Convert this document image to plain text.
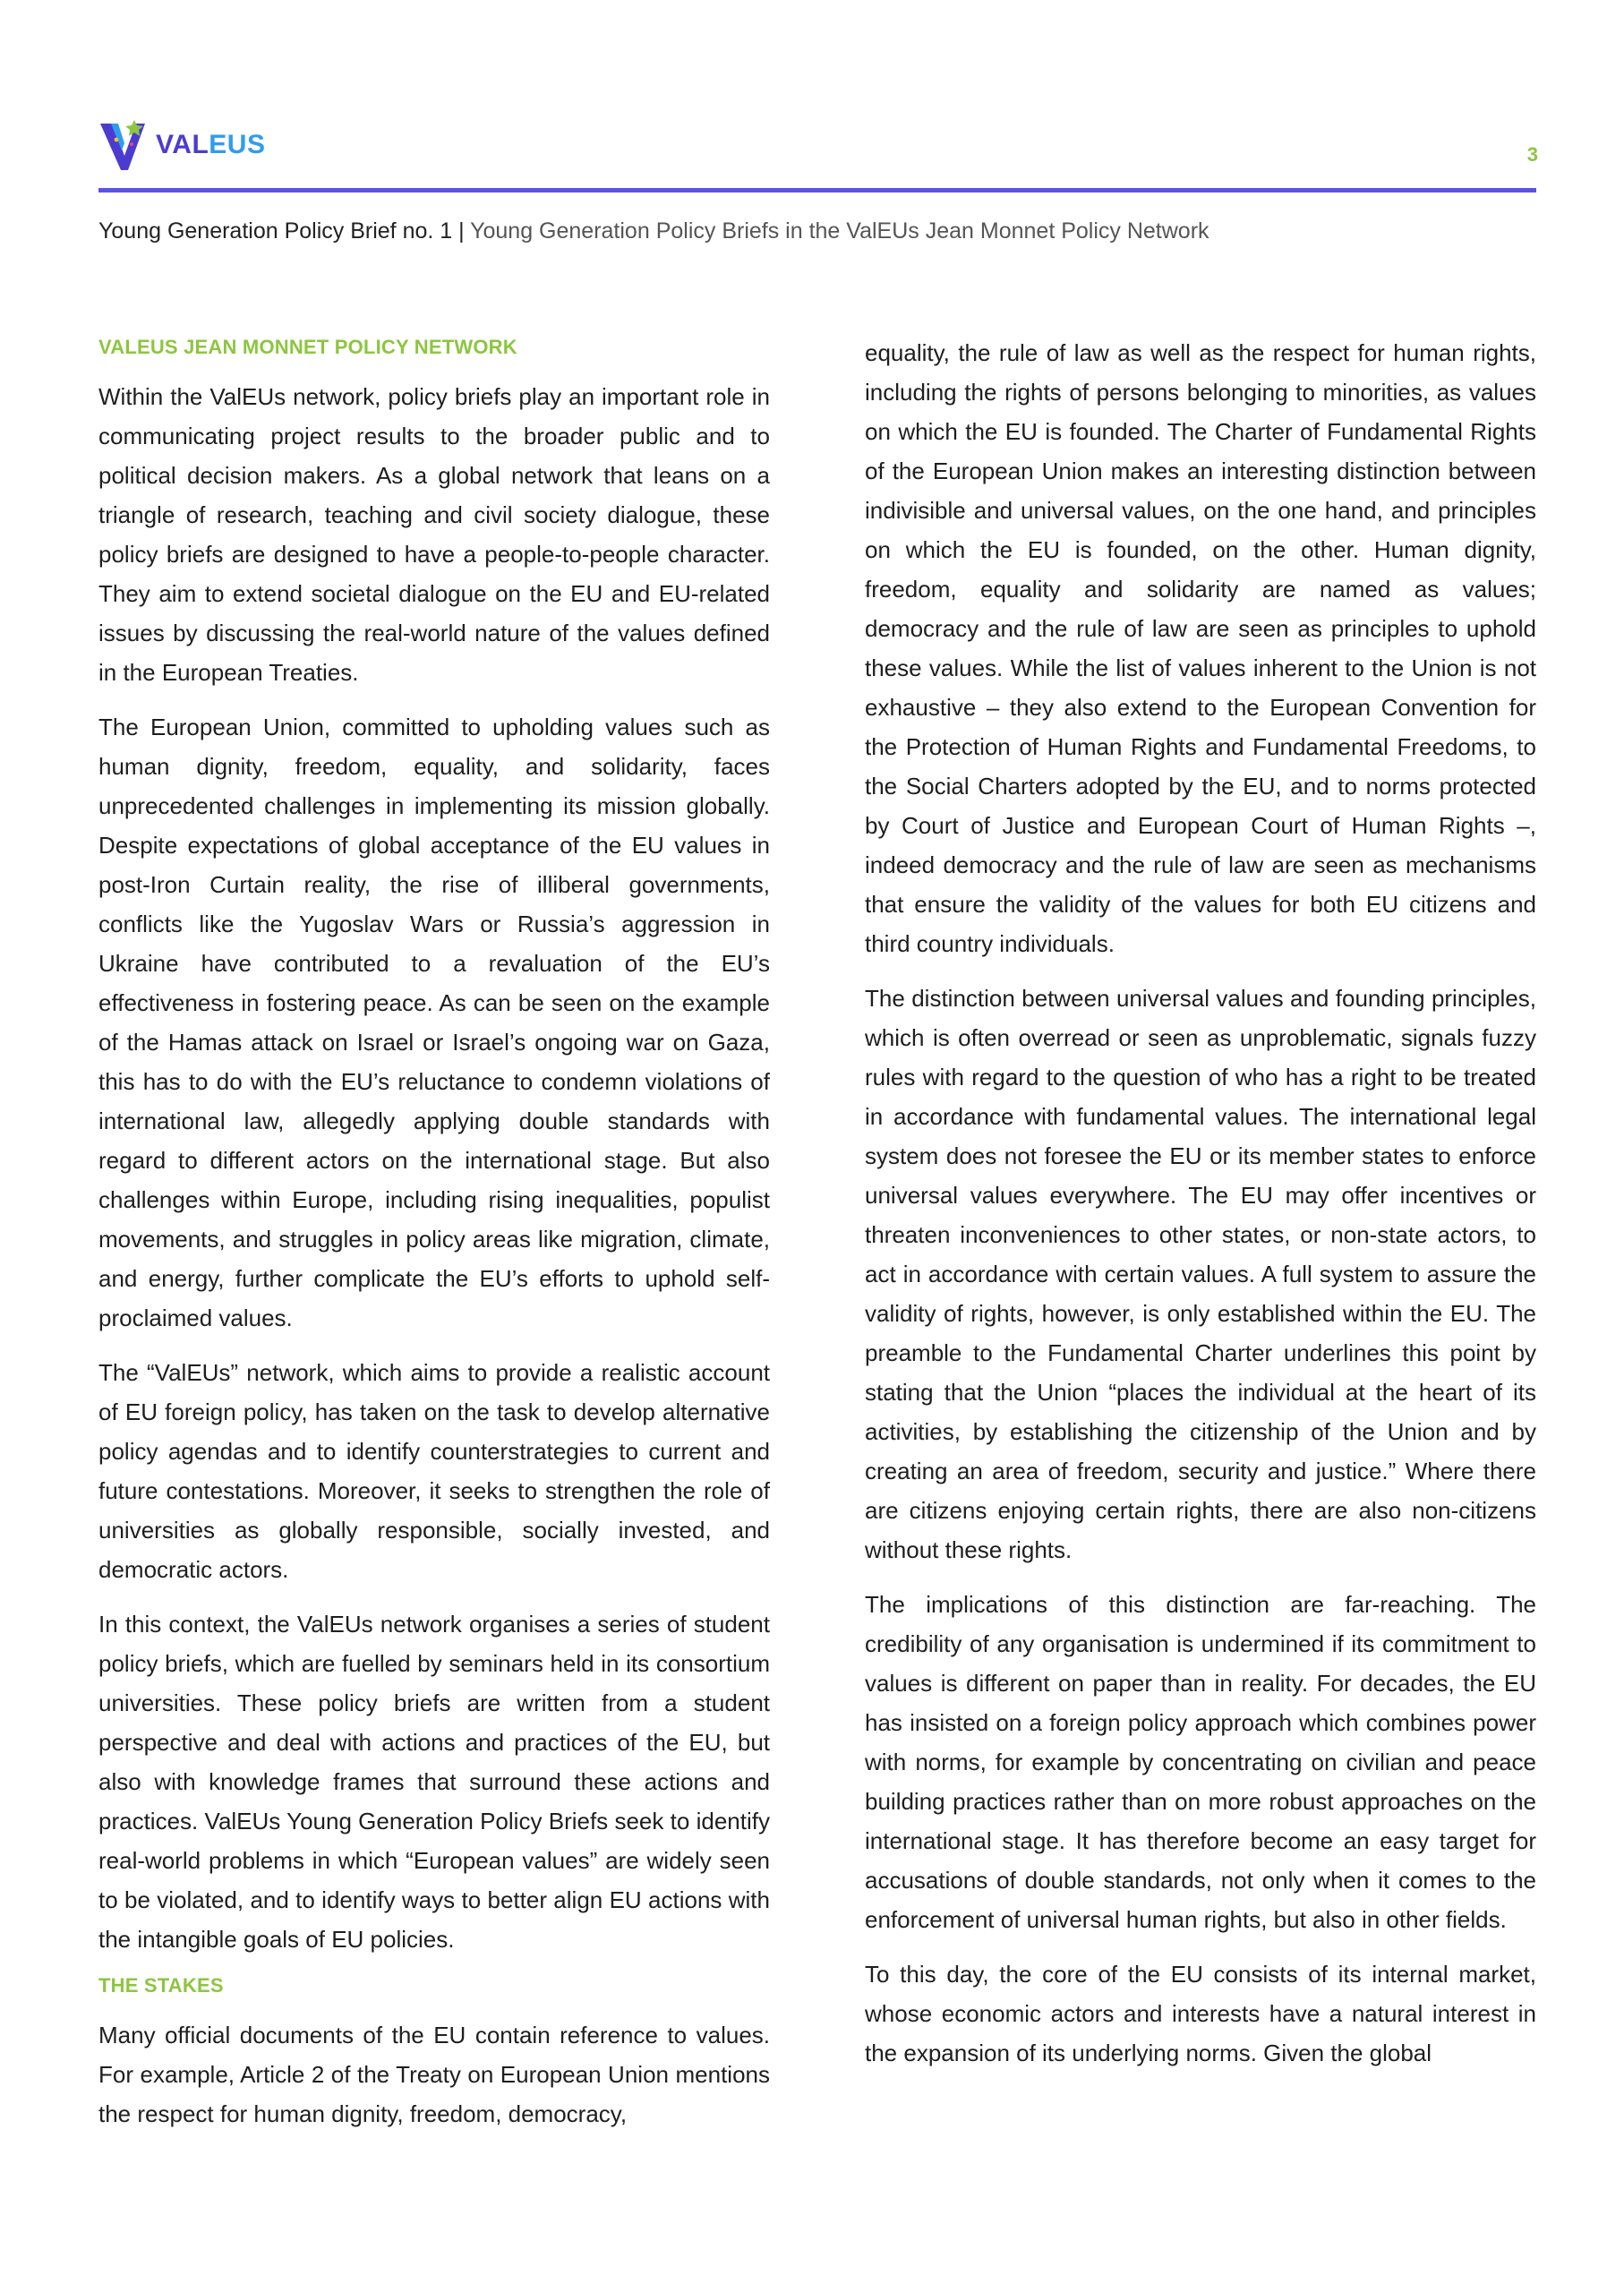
VALEUS	3
Young Generation Policy Brief no. 1 | Young Generation Policy Briefs in the ValEUs Jean Monnet Policy Network
VALEUS JEAN MONNET POLICY NETWORK

Within the ValEUs network, policy briefs play an important role in communicating project results to the broader public and to political decision makers. As a global network that leans on a triangle of research, teaching and civil society dialogue, these policy briefs are designed to have a people-to-people character. They aim to extend societal dialogue on the EU and EU-related issues by discussing the real-world nature of the values defined in the European Treaties.

The European Union, committed to upholding values such as human dignity, freedom, equality, and solidarity, faces unprecedented challenges in implementing its mission globally. Despite expectations of global acceptance of the EU values in post-Iron Curtain reality, the rise of illiberal governments, conflicts like the Yugoslav Wars or Russia’s aggression in Ukraine have contributed to a revaluation of the EU’s effectiveness in fostering peace. As can be seen on the example of the Hamas attack on Israel or Israel’s ongoing war on Gaza, this has to do with the EU’s reluctance to condemn violations of international law, allegedly applying double standards with regard to different actors on the international stage. But also challenges within Europe, including rising inequalities, populist movements, and struggles in policy areas like migration, climate, and energy, further complicate the EU’s efforts to uphold self-proclaimed values.

The “ValEUs” network, which aims to provide a realistic account of EU foreign policy, has taken on the task to develop alternative policy agendas and to identify counterstrategies to current and future contestations. Moreover, it seeks to strengthen the role of universities as globally responsible, socially invested, and democratic actors.

In this context, the ValEUs network organises a series of student policy briefs, which are fuelled by seminars held in its consortium universities. These policy briefs are written from a student perspective and deal with actions and practices of the EU, but also with knowledge frames that surround these actions and practices. ValEUs Young Generation Policy Briefs seek to identify real-world problems in which “European values” are widely seen to be violated, and to identify ways to better align EU actions with the intangible goals of EU policies.

THE STAKES

Many official documents of the EU contain reference to values. For example, Article 2 of the Treaty on European Union mentions the respect for human dignity, freedom, democracy,

equality, the rule of law as well as the respect for human rights, including the rights of persons belonging to minorities, as values on which the EU is founded. The Charter of Fundamental Rights of the European Union makes an interesting distinction between indivisible and universal values, on the one hand, and principles on which the EU is founded, on the other. Human dignity, freedom, equality and solidarity are named as values; democracy and the rule of law are seen as principles to uphold these values. While the list of values inherent to the Union is not exhaustive – they also extend to the European Convention for the Protection of Human Rights and Fundamental Freedoms, to the Social Charters adopted by the EU, and to norms protected by Court of Justice and European Court of Human Rights –, indeed democracy and the rule of law are seen as mechanisms that ensure the validity of the values for both EU citizens and third country individuals.

The distinction between universal values and founding principles, which is often overread or seen as unproblematic, signals fuzzy rules with regard to the question of who has a right to be treated in accordance with fundamental values. The international legal system does not foresee the EU or its member states to enforce universal values everywhere. The EU may offer incentives or threaten inconveniences to other states, or non-state actors, to act in accordance with certain values. A full system to assure the validity of rights, however, is only established within the EU. The preamble to the Fundamental Charter underlines this point by stating that the Union “places the individual at the heart of its activities, by establishing the citizenship of the Union and by creating an area of freedom, security and justice.” Where there are citizens enjoying certain rights, there are also non-citizens without these rights.

The implications of this distinction are far-reaching. The credibility of any organisation is undermined if its commitment to values is different on paper than in reality. For decades, the EU has insisted on a foreign policy approach which combines power with norms, for example by concentrating on civilian and peace building practices rather than on more robust approaches on the international stage. It has therefore become an easy target for accusations of double standards, not only when it comes to the enforcement of universal human rights, but also in other fields.

To this day, the core of the EU consists of its internal market, whose economic actors and interests have a natural interest in the expansion of its underlying norms. Given the global
